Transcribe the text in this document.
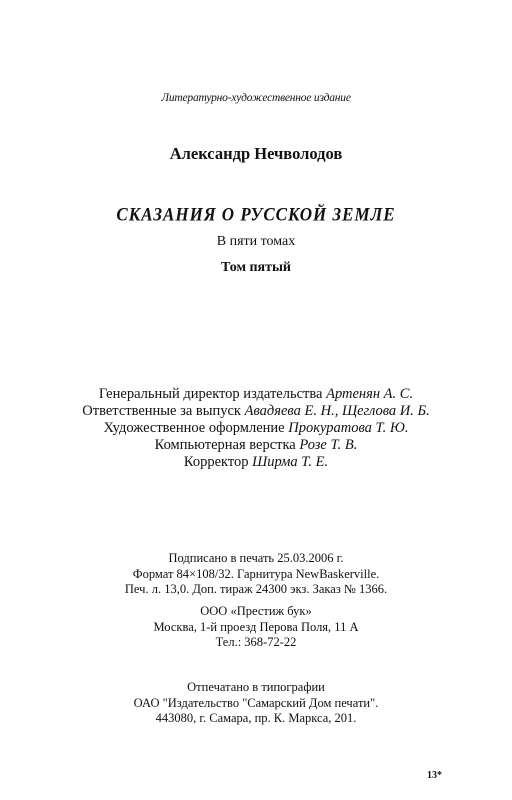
Литературно-художественное издание
Александр Нечволодов
СКАЗАНИЯ О РУССКОЙ ЗЕМЛЕ
В пяти томах
Том пятый
Генеральный директор издательства Артенян А. С.
Ответственные за выпуск Авадяева Е. Н., Щеглова И. Б.
Художественное оформление Прокуратова Т. Ю.
Компьютерная верстка Розе Т. В.
Корректор Ширма Т. Е.
Подписано в печать 25.03.2006 г.
Формат 84×108/32. Гарнитура NewBaskerville.
Печ. л. 13,0. Доп. тираж 24300 экз. Заказ № 1366.
ООО «Престиж бук»
Москва, 1-й проезд Перова Поля, 11 А
Тел.: 368-72-22
Отпечатано в типографии
ОАО "Издательство "Самарский Дом печати".
443080, г. Самара, пр. К. Маркса, 201.
13*
